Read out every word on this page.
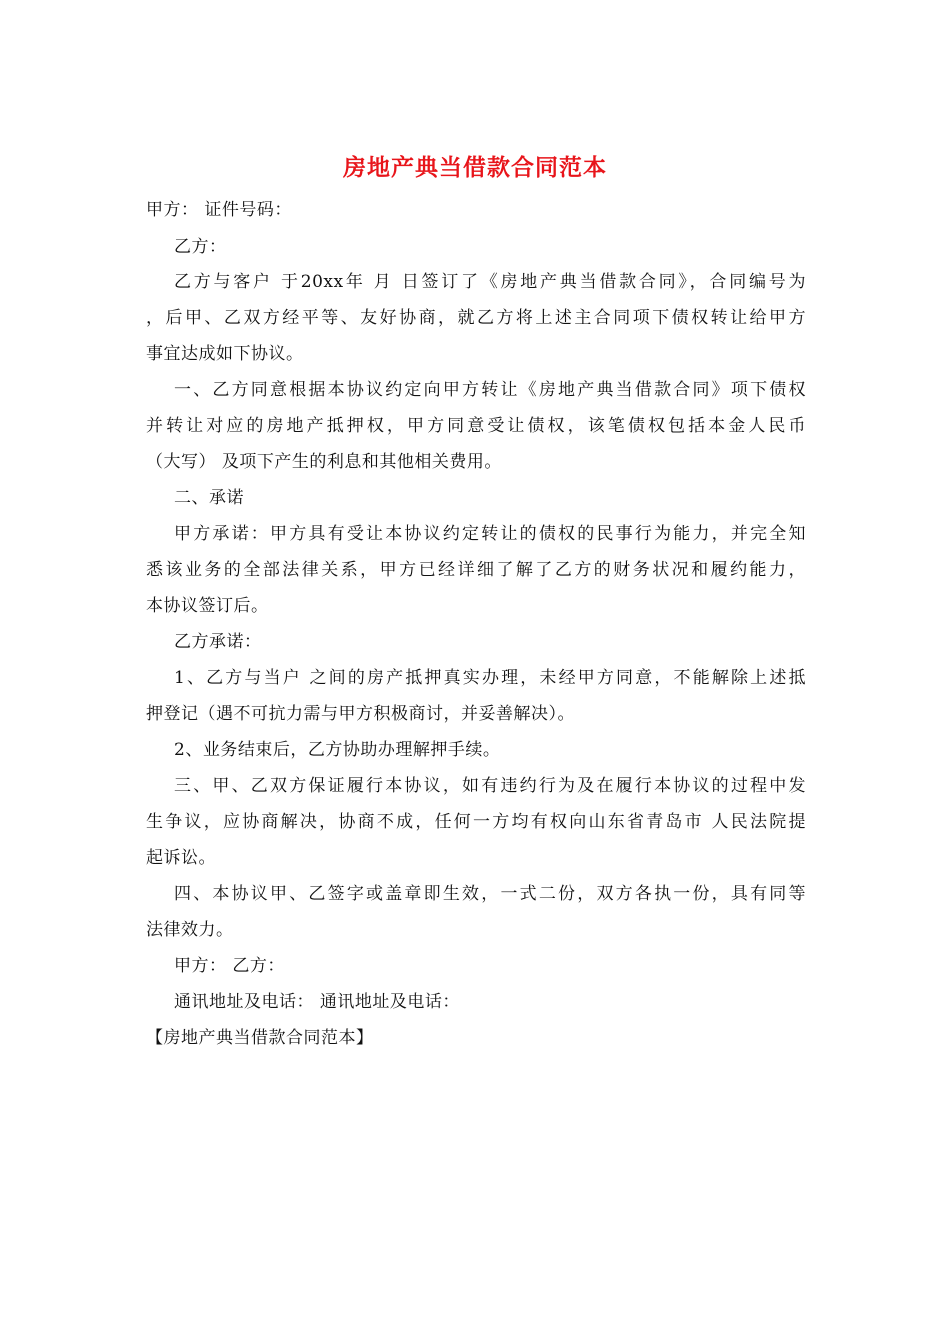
房地产典当借款合同范本
甲方： 证件号码：
乙方：
乙方与客户 于20xx年 月 日签订了《房地产典当借款合同》，合同编号为
，后甲、乙双方经平等、友好协商，就乙方将上述主合同项下债权转让给甲方
事宜达成如下协议。
一、乙方同意根据本协议约定向甲方转让《房地产典当借款合同》项下债权
并转让对应的房地产抵押权，甲方同意受让债权，该笔债权包括本金人民币
（大写） 及项下产生的利息和其他相关费用。
二、承诺
甲方承诺：甲方具有受让本协议约定转让的债权的民事行为能力，并完全知
悉该业务的全部法律关系，甲方已经详细了解了乙方的财务状况和履约能力，
本协议签订后。
乙方承诺：
1、乙方与当户 之间的房产抵押真实办理，未经甲方同意，不能解除上述抵
押登记（遇不可抗力需与甲方积极商讨，并妥善解决）。
2、业务结束后，乙方协助办理解押手续。
三、甲、乙双方保证履行本协议，如有违约行为及在履行本协议的过程中发
生争议，应协商解决，协商不成，任何一方均有权向山东省青岛市 人民法院提
起诉讼。
四、本协议甲、乙签字或盖章即生效，一式二份，双方各执一份，具有同等
法律效力。
甲方： 乙方：
通讯地址及电话： 通讯地址及电话：
【房地产典当借款合同范本】
